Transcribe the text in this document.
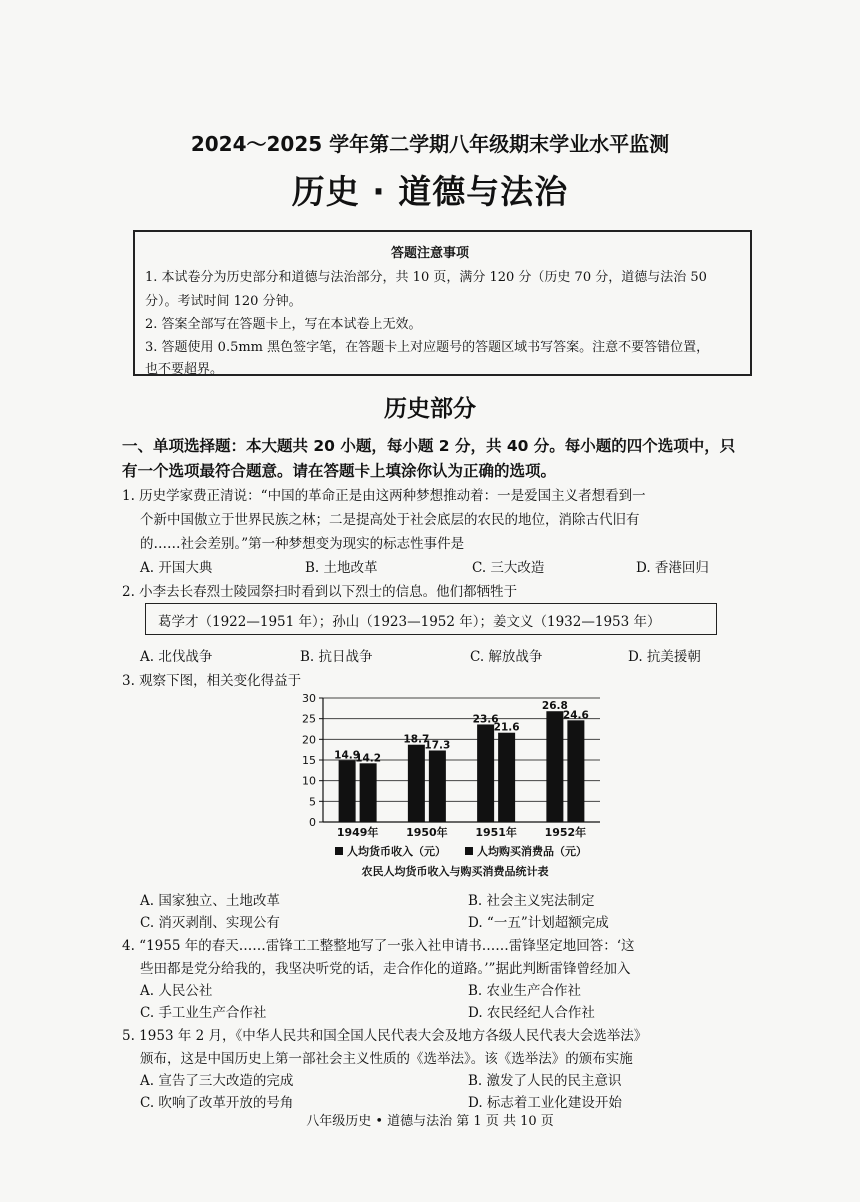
2024～2025 学年第二学期八年级期末学业水平监测
历史 · 道德与法治
答题注意事项
1. 本试卷分为历史部分和道德与法治部分，共 10 页，满分 120 分（历史 70 分，道德与法治 50
分）。考试时间 120 分钟。
2. 答案全部写在答题卡上，写在本试卷上无效。
3. 答题使用 0.5mm 黑色签字笔，在答题卡上对应题号的答题区域书写答案。注意不要答错位置，
也不要超界。
历史部分
一、单项选择题：本大题共 20 小题，每小题 2 分，共 40 分。每小题的四个选项中，只
有一个选项最符合题意。请在答题卡上填涂你认为正确的选项。
1. 历史学家费正清说：“中国的革命正是由这两种梦想推动着：一是爱国主义者想看到一
个新中国傲立于世界民族之林；二是提高处于社会底层的农民的地位，消除古代旧有
的……社会差别。”第一种梦想变为现实的标志性事件是
A. 开国大典	B. 土地改革	C. 三大改造	D. 香港回归
2. 小李去长春烈士陵园祭扫时看到以下烈士的信息。他们都牺牲于
葛学才（1922—1951 年）；孙山（1923—1952 年）；姜文义（1932—1953 年）
A. 北伐战争	B. 抗日战争	C. 解放战争	D. 抗美援朝
3. 观察下图，相关变化得益于
0
5
10
15
20
25
30
14.9
14.2
1949年
18.7
17.3
1950年
23.6
21.6
1951年
26.8
24.6
1952年
人均货币收入（元）	人均购买消费品（元）
农民人均货币收入与购买消费品统计表
A. 国家独立、土地改革	B. 社会主义宪法制定
C. 消灭剥削、实现公有	D. “一五”计划超额完成
4. “1955 年的春天……雷锋工工整整地写了一张入社申请书……雷锋坚定地回答：‘这
些田都是党分给我的，我坚决听党的话，走合作化的道路。’”据此判断雷锋曾经加入
A. 人民公社	B. 农业生产合作社
C. 手工业生产合作社	D. 农民经纪人合作社
5. 1953 年 2 月，《中华人民共和国全国人民代表大会及地方各级人民代表大会选举法》
颁布，这是中国历史上第一部社会主义性质的《选举法》。该《选举法》的颁布实施
A. 宣告了三大改造的完成	B. 激发了人民的民主意识
C. 吹响了改革开放的号角	D. 标志着工业化建设开始
八年级历史 • 道德与法治 第 1 页 共 10 页
